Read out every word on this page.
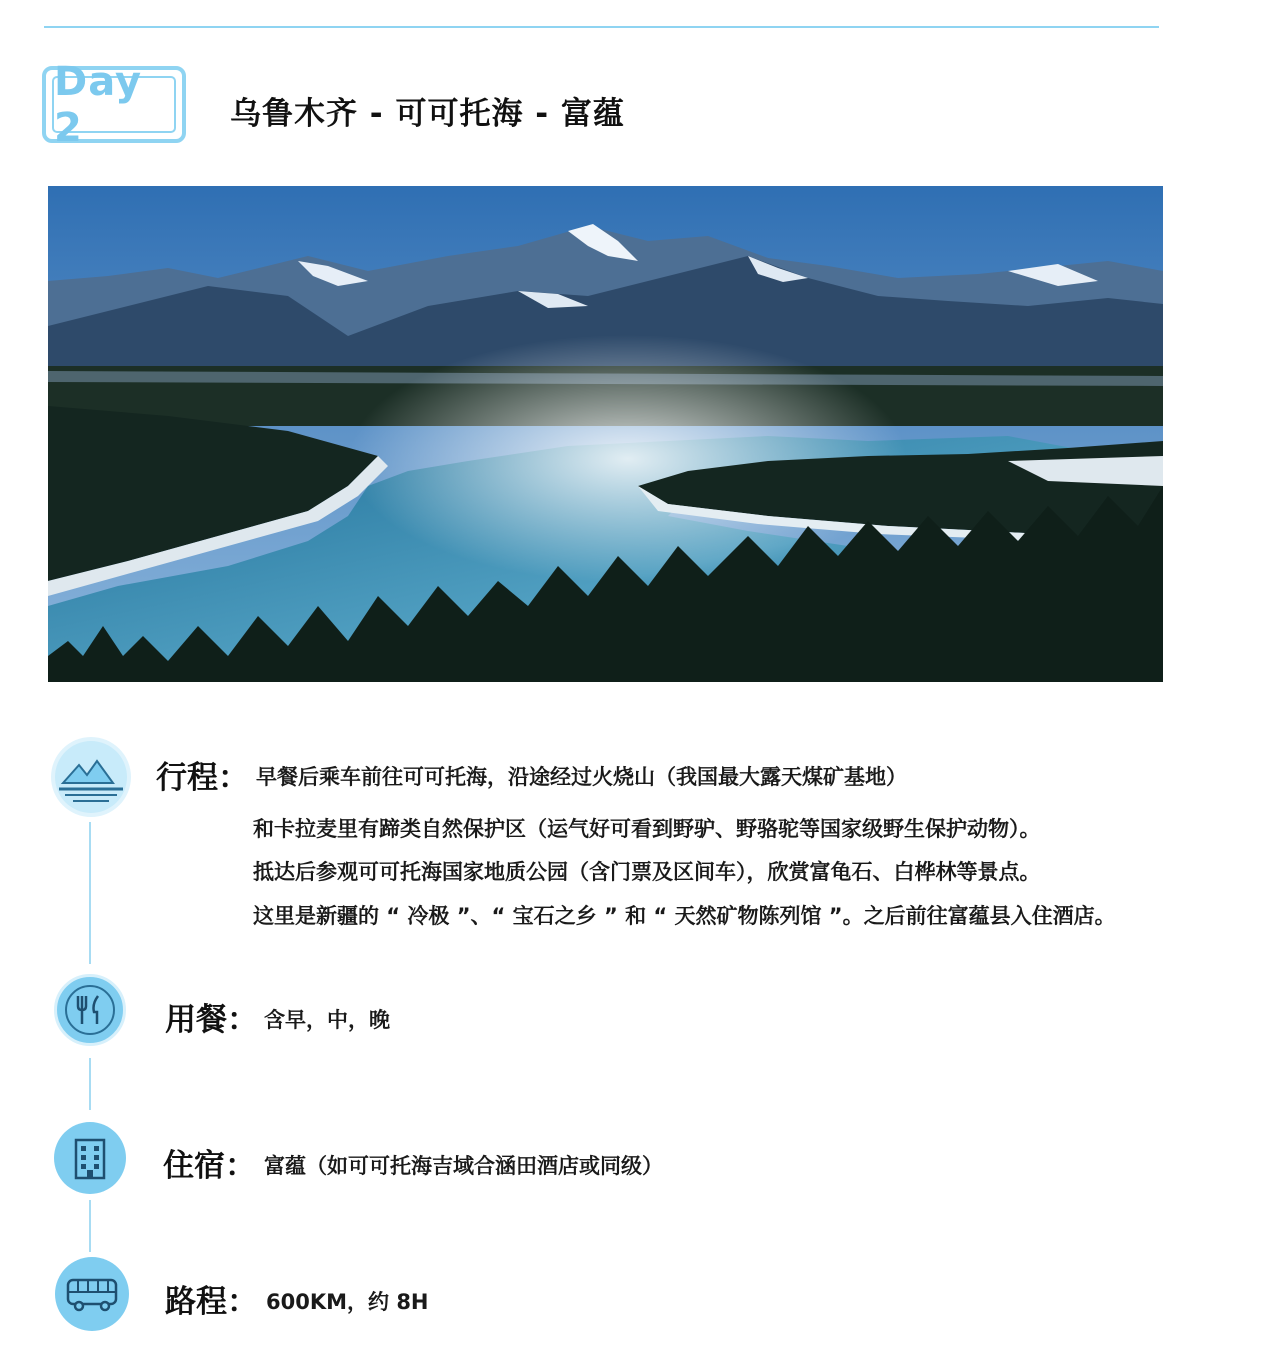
Day 2	乌鲁木齐 - 可可托海 - 富蕴
行程： 早餐后乘车前往可可托海，沿途经过火烧山（我国最大露天煤矿基地）
和卡拉麦里有蹄类自然保护区（运气好可看到野驴、野骆驼等国家级野生保护动物）。
抵达后参观可可托海国家地质公园（含门票及区间车），欣赏富龟石、白桦林等景点。
这里是新疆的 “ 冷极 ”、“ 宝石之乡 ” 和 “ 天然矿物陈列馆 ”。之后前往富蕴县入住酒店。
用餐： 含早，中，晚
住宿： 富蕴（如可可托海吉域合涵田酒店或同级）
路程： 600KM，约 8H
